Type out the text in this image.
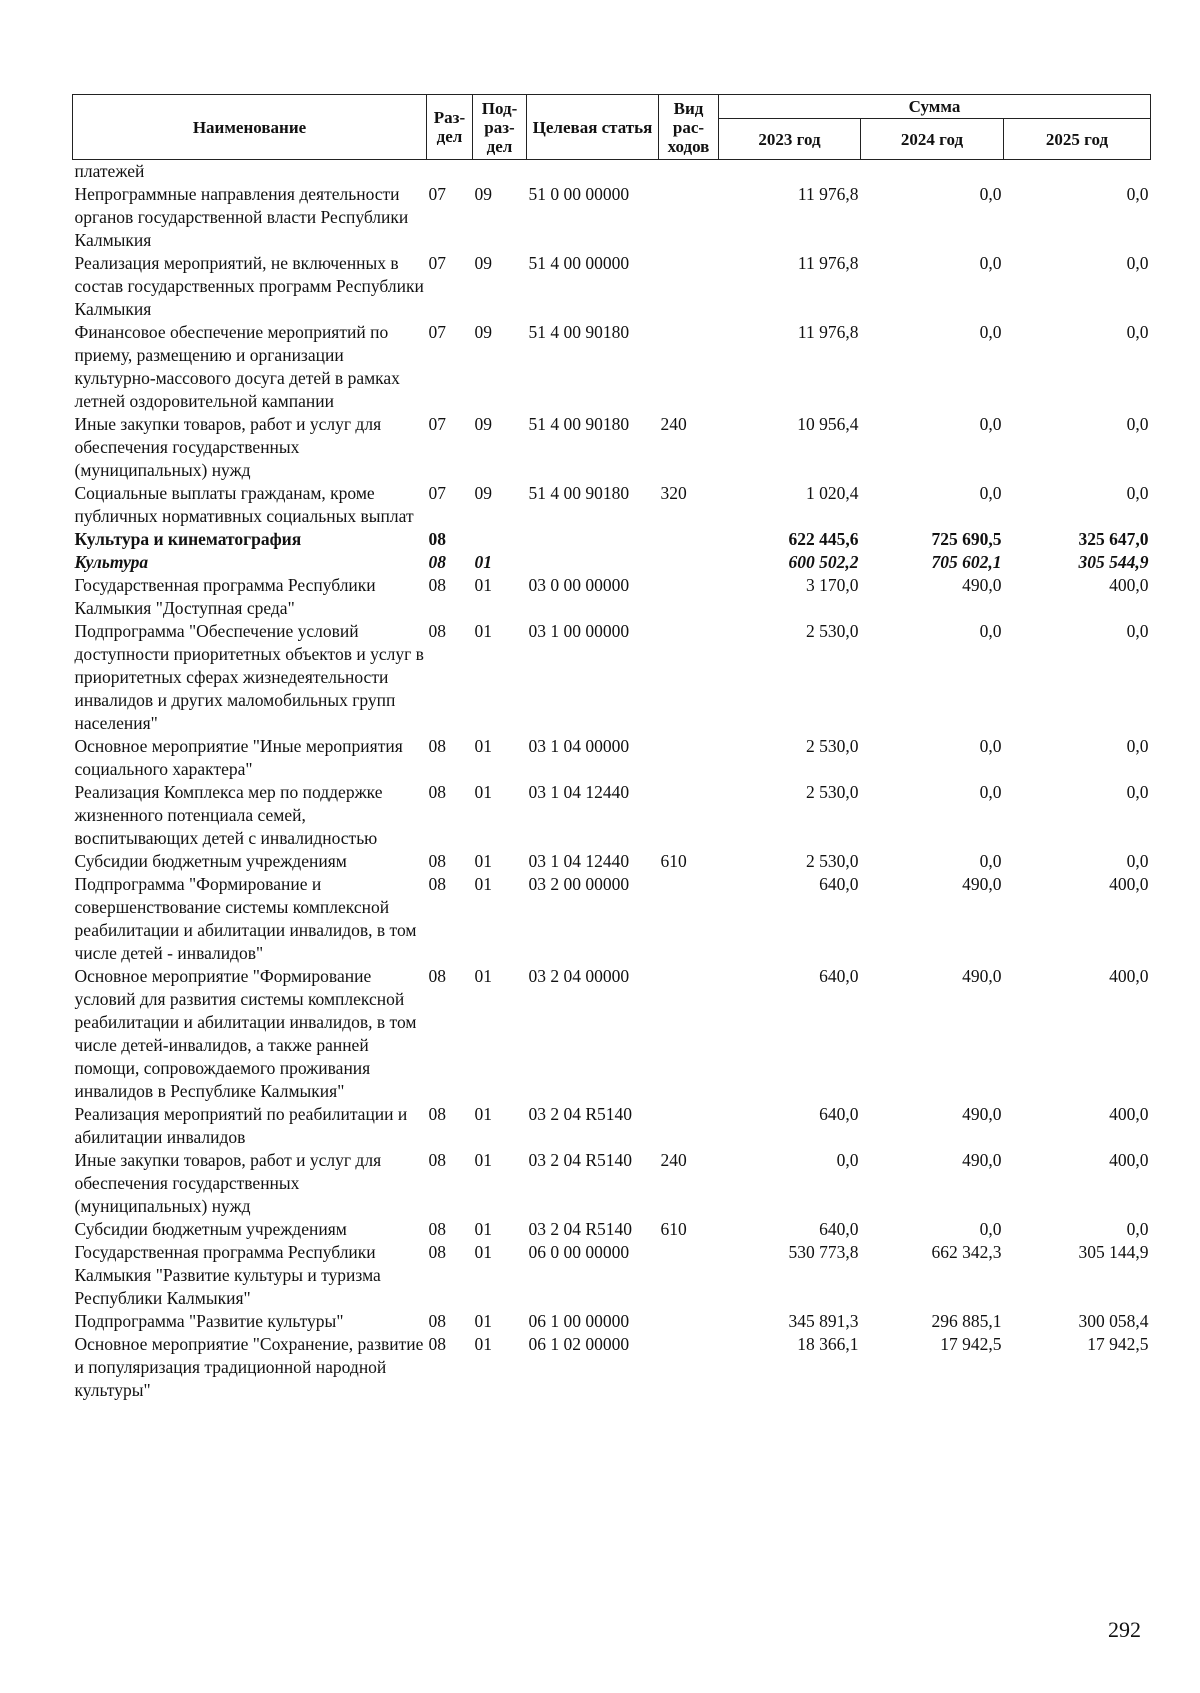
Наименование	Раз-дел	Под-раз-дел	Целевая статья	Вид рас-ходов	Сумма		
					2023 год	2024 год	2025 год
платежей							
Непрограммные направления деятельности органов государственной власти Республики Калмыкия	07	09	51 0 00 00000		11 976,8	0,0	0,0
Реализация мероприятий, не включенных в состав государственных программ Республики Калмыкия	07	09	51 4 00 00000		11 976,8	0,0	0,0
Финансовое обеспечение мероприятий по приему, размещению и организации культурно-массового досуга детей в рамках летней оздоровительной кампании	07	09	51 4 00 90180		11 976,8	0,0	0,0
Иные закупки товаров, работ и услуг для обеспечения государственных (муниципальных) нужд	07	09	51 4 00 90180	240	10 956,4	0,0	0,0
Социальные выплаты гражданам, кроме публичных нормативных социальных выплат	07	09	51 4 00 90180	320	1 020,4	0,0	0,0
Культура и кинематография	08				622 445,6	725 690,5	325 647,0
Культура	08	01			600 502,2	705 602,1	305 544,9
Государственная программа Республики Калмыкия "Доступная среда"	08	01	03 0 00 00000		3 170,0	490,0	400,0
Подпрограмма "Обеспечение условий доступности приоритетных объектов и услуг в приоритетных сферах жизнедеятельности инвалидов и других маломобильных групп населения"	08	01	03 1 00 00000		2 530,0	0,0	0,0
Основное мероприятие "Иные мероприятия социального характера"	08	01	03 1 04 00000		2 530,0	0,0	0,0
Реализация Комплекса мер по поддержке жизненного потенциала семей, воспитывающих детей с инвалидностью	08	01	03 1 04 12440		2 530,0	0,0	0,0
Субсидии бюджетным учреждениям	08	01	03 1 04 12440	610	2 530,0	0,0	0,0
Подпрограмма "Формирование и совершенствование системы комплексной реабилитации и абилитации инвалидов, в том числе детей - инвалидов"	08	01	03 2 00 00000		640,0	490,0	400,0
Основное мероприятие "Формирование условий для развития системы комплексной реабилитации и абилитации инвалидов, в том числе детей-инвалидов, а также ранней помощи, сопровождаемого проживания инвалидов в Республике Калмыкия"	08	01	03 2 04 00000		640,0	490,0	400,0
Реализация мероприятий по реабилитации и абилитации инвалидов	08	01	03 2 04 R5140		640,0	490,0	400,0
Иные закупки товаров, работ и услуг для обеспечения государственных (муниципальных) нужд	08	01	03 2 04 R5140	240	0,0	490,0	400,0
Субсидии бюджетным учреждениям	08	01	03 2 04 R5140	610	640,0	0,0	0,0
Государственная программа Республики Калмыкия "Развитие культуры и туризма Республики Калмыкия"	08	01	06 0 00 00000		530 773,8	662 342,3	305 144,9
Подпрограмма "Развитие культуры"	08	01	06 1 00 00000		345 891,3	296 885,1	300 058,4
Основное мероприятие "Сохранение, развитие и популяризация традиционной народной культуры"	08	01	06 1 02 00000		18 366,1	17 942,5	17 942,5
292
